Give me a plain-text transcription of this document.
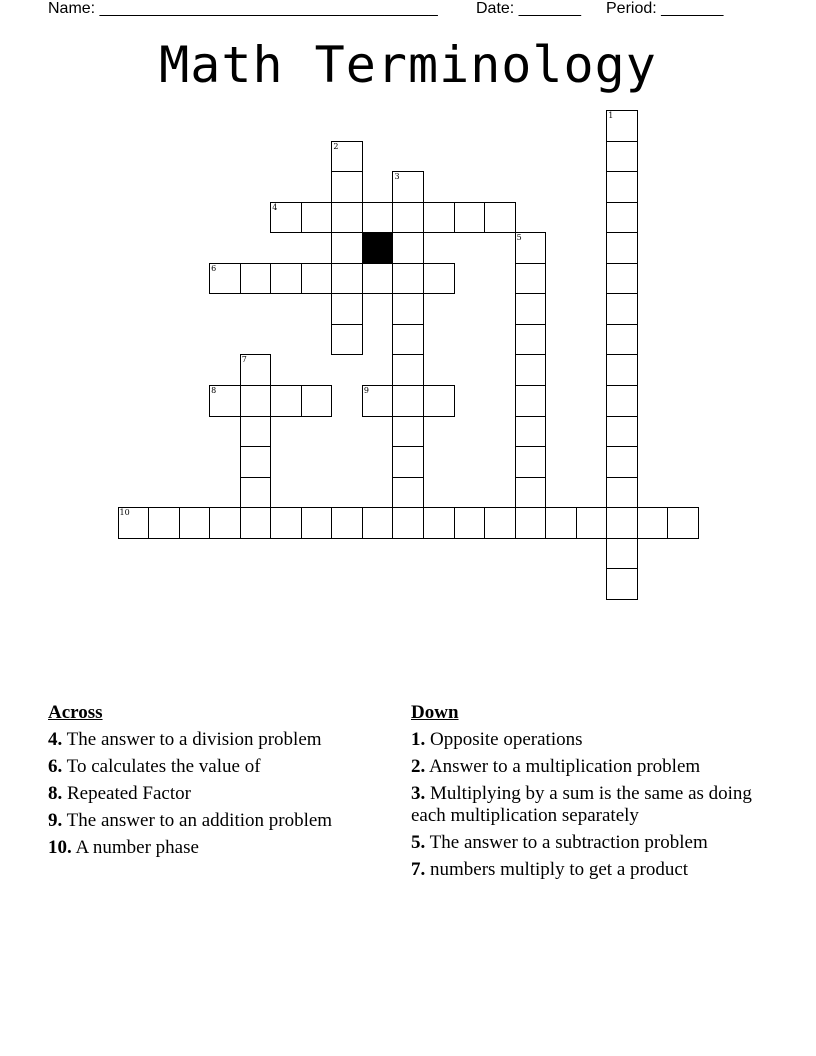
Name: ______________________________________ Date: _______ Period: _______
Math Terminology
1
2
3
4
5
6
7
8	9
10
Across
4. The answer to a division problem
6. To calculates the value of
8. Repeated Factor
9. The answer to an addition problem
10. A number phase
Down
1. Opposite operations
2. Answer to a multiplication problem
3. Multiplying by a sum is the same as doing each multiplication separately
5. The answer to a subtraction problem
7. numbers multiply to get a product
